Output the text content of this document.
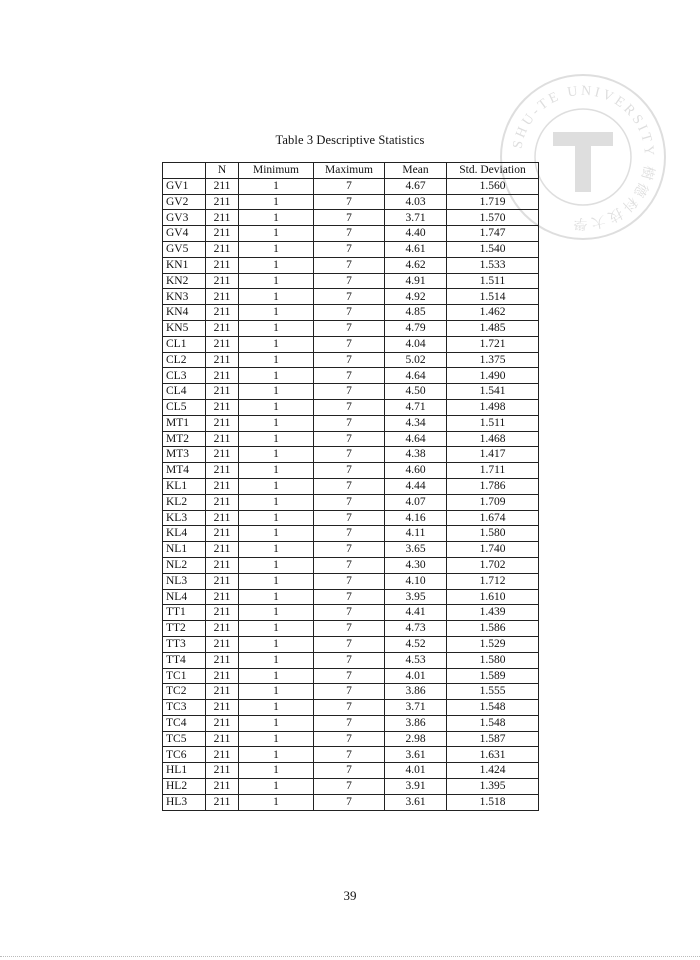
SHU-TE UNIVERSITY 樹德科技大學
Table 3 Descriptive Statistics
	N	Minimum	Maximum	Mean	Std. Deviation
GV1	211	1	7	4.67	1.560
GV2	211	1	7	4.03	1.719
GV3	211	1	7	3.71	1.570
GV4	211	1	7	4.40	1.747
GV5	211	1	7	4.61	1.540
KN1	211	1	7	4.62	1.533
KN2	211	1	7	4.91	1.511
KN3	211	1	7	4.92	1.514
KN4	211	1	7	4.85	1.462
KN5	211	1	7	4.79	1.485
CL1	211	1	7	4.04	1.721
CL2	211	1	7	5.02	1.375
CL3	211	1	7	4.64	1.490
CL4	211	1	7	4.50	1.541
CL5	211	1	7	4.71	1.498
MT1	211	1	7	4.34	1.511
MT2	211	1	7	4.64	1.468
MT3	211	1	7	4.38	1.417
MT4	211	1	7	4.60	1.711
KL1	211	1	7	4.44	1.786
KL2	211	1	7	4.07	1.709
KL3	211	1	7	4.16	1.674
KL4	211	1	7	4.11	1.580
NL1	211	1	7	3.65	1.740
NL2	211	1	7	4.30	1.702
NL3	211	1	7	4.10	1.712
NL4	211	1	7	3.95	1.610
TT1	211	1	7	4.41	1.439
TT2	211	1	7	4.73	1.586
TT3	211	1	7	4.52	1.529
TT4	211	1	7	4.53	1.580
TC1	211	1	7	4.01	1.589
TC2	211	1	7	3.86	1.555
TC3	211	1	7	3.71	1.548
TC4	211	1	7	3.86	1.548
TC5	211	1	7	2.98	1.587
TC6	211	1	7	3.61	1.631
HL1	211	1	7	4.01	1.424
HL2	211	1	7	3.91	1.395
HL3	211	1	7	3.61	1.518
39
